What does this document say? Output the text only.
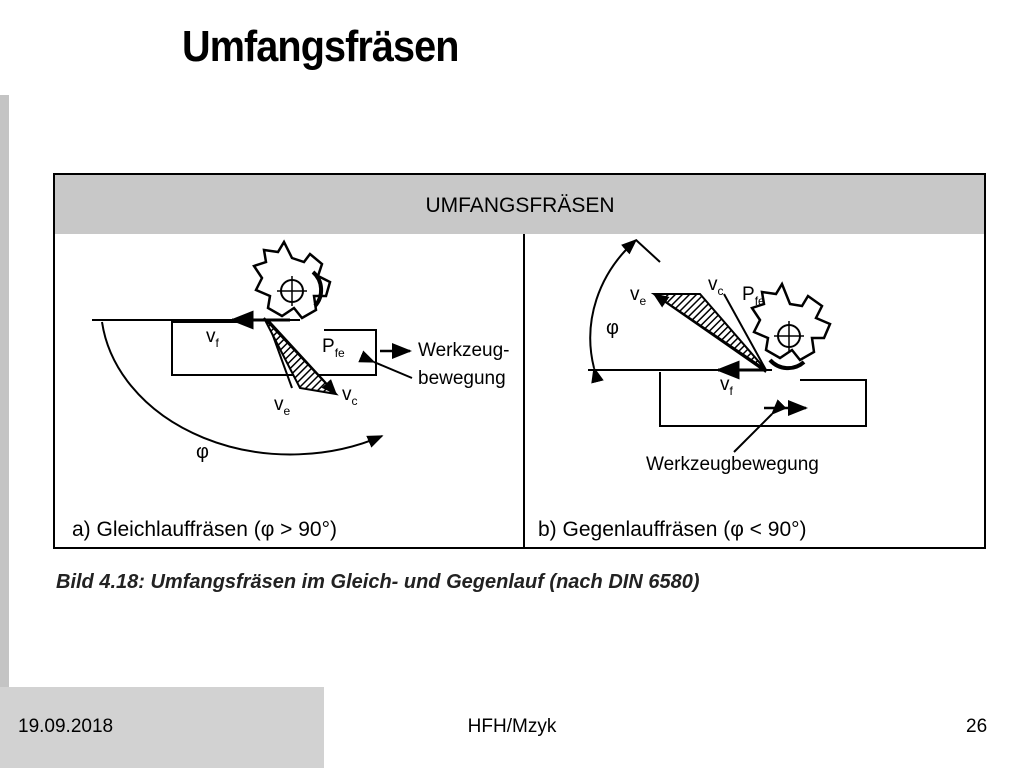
Umfangsfräsen
UMFANGSFRÄSEN
φ
$v_f$	$P_{fe}$
$v_e$
$v_c$
Werkzeug-bewegung
a) Gleichlauffräsen (φ > 90°)
φ
$v_e$
$v_c$ $P_{fe}$
$v_f$
Werkzeugbewegung
b) Gegenlauffräsen (φ < 90°)
Bild 4.18: Umfangsfräsen im Gleich- und Gegenlauf (nach DIN 6580)
19.09.2018	HFH/Mzyk	26
